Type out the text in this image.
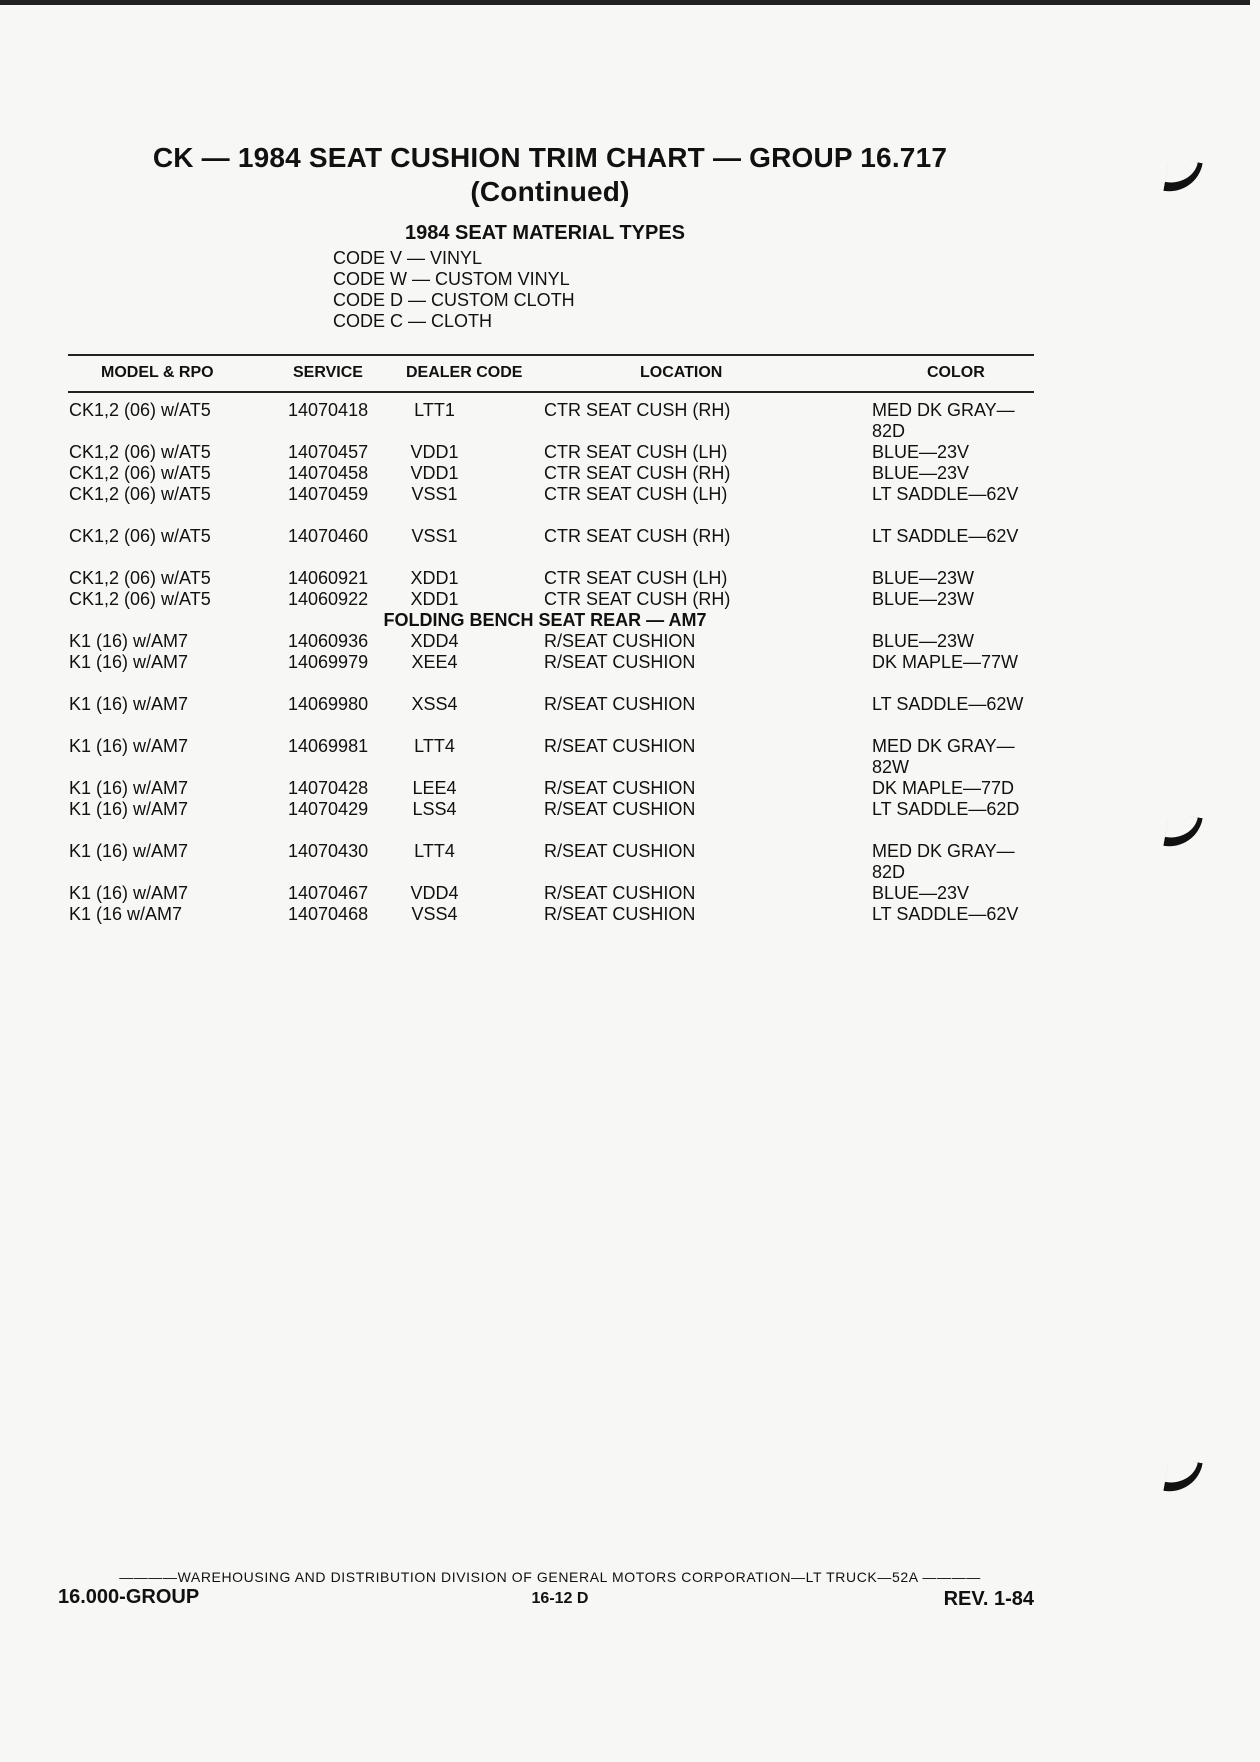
CK — 1984 SEAT CUSHION TRIM CHART — GROUP 16.717
(Continued)
1984 SEAT MATERIAL TYPES
CODE V — VINYL
CODE W — CUSTOM VINYL
CODE D — CUSTOM CLOTH
CODE C — CLOTH
MODEL & RPO	SERVICE	DEALER CODE	LOCATION	COLOR
CK1,2 (06) w/AT5	14070418	LTT1	CTR SEAT CUSH (RH)	MED DK GRAY—82D
CK1,2 (06) w/AT5	14070457	VDD1	CTR SEAT CUSH (LH)	BLUE—23V
CK1,2 (06) w/AT5	14070458	VDD1	CTR SEAT CUSH (RH)	BLUE—23V
CK1,2 (06) w/AT5	14070459	VSS1	CTR SEAT CUSH (LH)	LT SADDLE—62V
CK1,2 (06) w/AT5	14070460	VSS1	CTR SEAT CUSH (RH)	LT SADDLE—62V
CK1,2 (06) w/AT5	14060921	XDD1	CTR SEAT CUSH (LH)	BLUE—23W
CK1,2 (06) w/AT5	14060922	XDD1	CTR SEAT CUSH (RH)	BLUE—23W
FOLDING BENCH SEAT REAR — AM7
K1 (16) w/AM7	14060936	XDD4	R/SEAT CUSHION	BLUE—23W
K1 (16) w/AM7	14069979	XEE4	R/SEAT CUSHION	DK MAPLE—77W
K1 (16) w/AM7	14069980	XSS4	R/SEAT CUSHION	LT SADDLE—62W
K1 (16) w/AM7	14069981	LTT4	R/SEAT CUSHION	MED DK GRAY—82W
K1 (16) w/AM7	14070428	LEE4	R/SEAT CUSHION	DK MAPLE—77D
K1 (16) w/AM7	14070429	LSS4	R/SEAT CUSHION	LT SADDLE—62D
K1 (16) w/AM7	14070430	LTT4	R/SEAT CUSHION	MED DK GRAY—82D
K1 (16) w/AM7	14070467	VDD4	R/SEAT CUSHION	BLUE—23V
K1 (16 w/AM7	14070468	VSS4	R/SEAT CUSHION	LT SADDLE—62V
————WAREHOUSING AND DISTRIBUTION DIVISION OF GENERAL MOTORS CORPORATION—LT TRUCK—52A ————
16.000-GROUP	16-12 D	REV. 1-84
